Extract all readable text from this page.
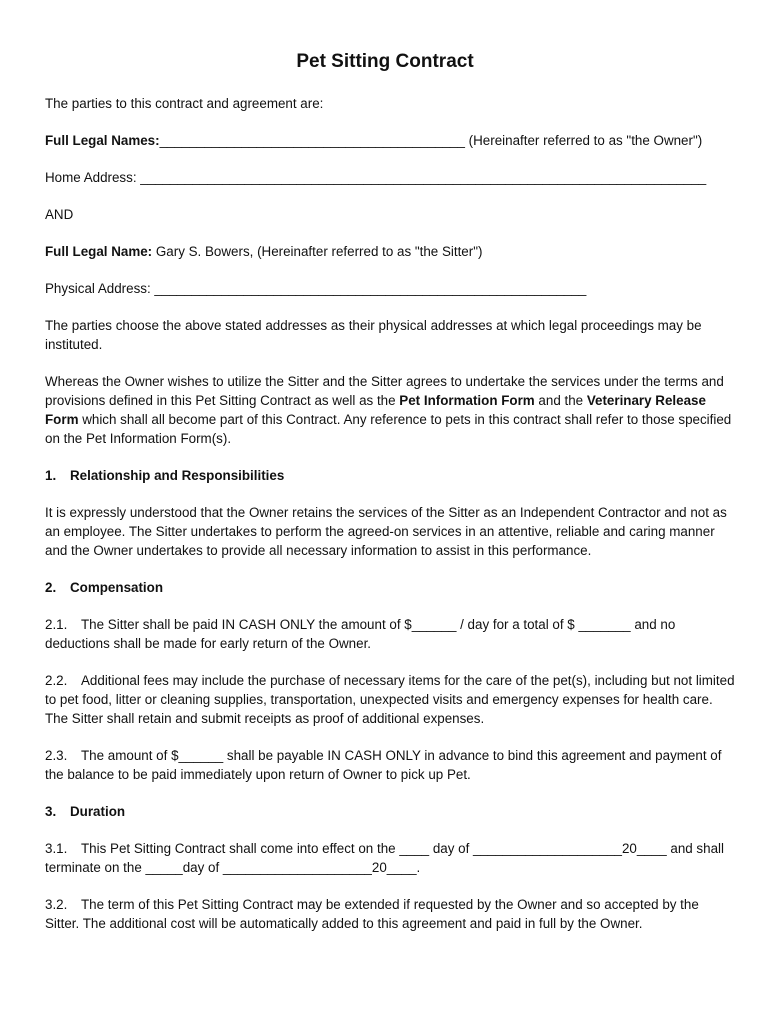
Pet Sitting Contract
The parties to this contract and agreement are:
Full Legal Names:_________________________________________ (Hereinafter referred to as "the Owner")
Home Address: ____________________________________________________________________________
AND
Full Legal Name: Gary S. Bowers, (Hereinafter referred to as "the Sitter")
Physical Address: __________________________________________________________
The parties choose the above stated addresses as their physical addresses at which legal proceedings may be instituted.
Whereas the Owner wishes to utilize the Sitter and the Sitter agrees to undertake the services under the terms and provisions defined in this Pet Sitting Contract as well as the Pet Information Form and the Veterinary Release Form which shall all become part of this Contract. Any reference to pets in this contract shall refer to those specified on the Pet Information Form(s).
1. Relationship and Responsibilities
It is expressly understood that the Owner retains the services of the Sitter as an Independent Contractor and not as an employee. The Sitter undertakes to perform the agreed-on services in an attentive, reliable and caring manner and the Owner undertakes to provide all necessary information to assist in this performance.
2. Compensation
2.1. The Sitter shall be paid IN CASH ONLY the amount of $______ / day for a total of $ _______ and no deductions shall be made for early return of the Owner.
2.2. Additional fees may include the purchase of necessary items for the care of the pet(s), including but not limited to pet food, litter or cleaning supplies, transportation, unexpected visits and emergency expenses for health care. The Sitter shall retain and submit receipts as proof of additional expenses.
2.3. The amount of $______ shall be payable IN CASH ONLY in advance to bind this agreement and payment of the balance to be paid immediately upon return of Owner to pick up Pet.
3. Duration
3.1. This Pet Sitting Contract shall come into effect on the ____ day of ____________________20____ and shall terminate on the _____day of ____________________20____.
3.2. The term of this Pet Sitting Contract may be extended if requested by the Owner and so accepted by the Sitter. The additional cost will be automatically added to this agreement and paid in full by the Owner.
